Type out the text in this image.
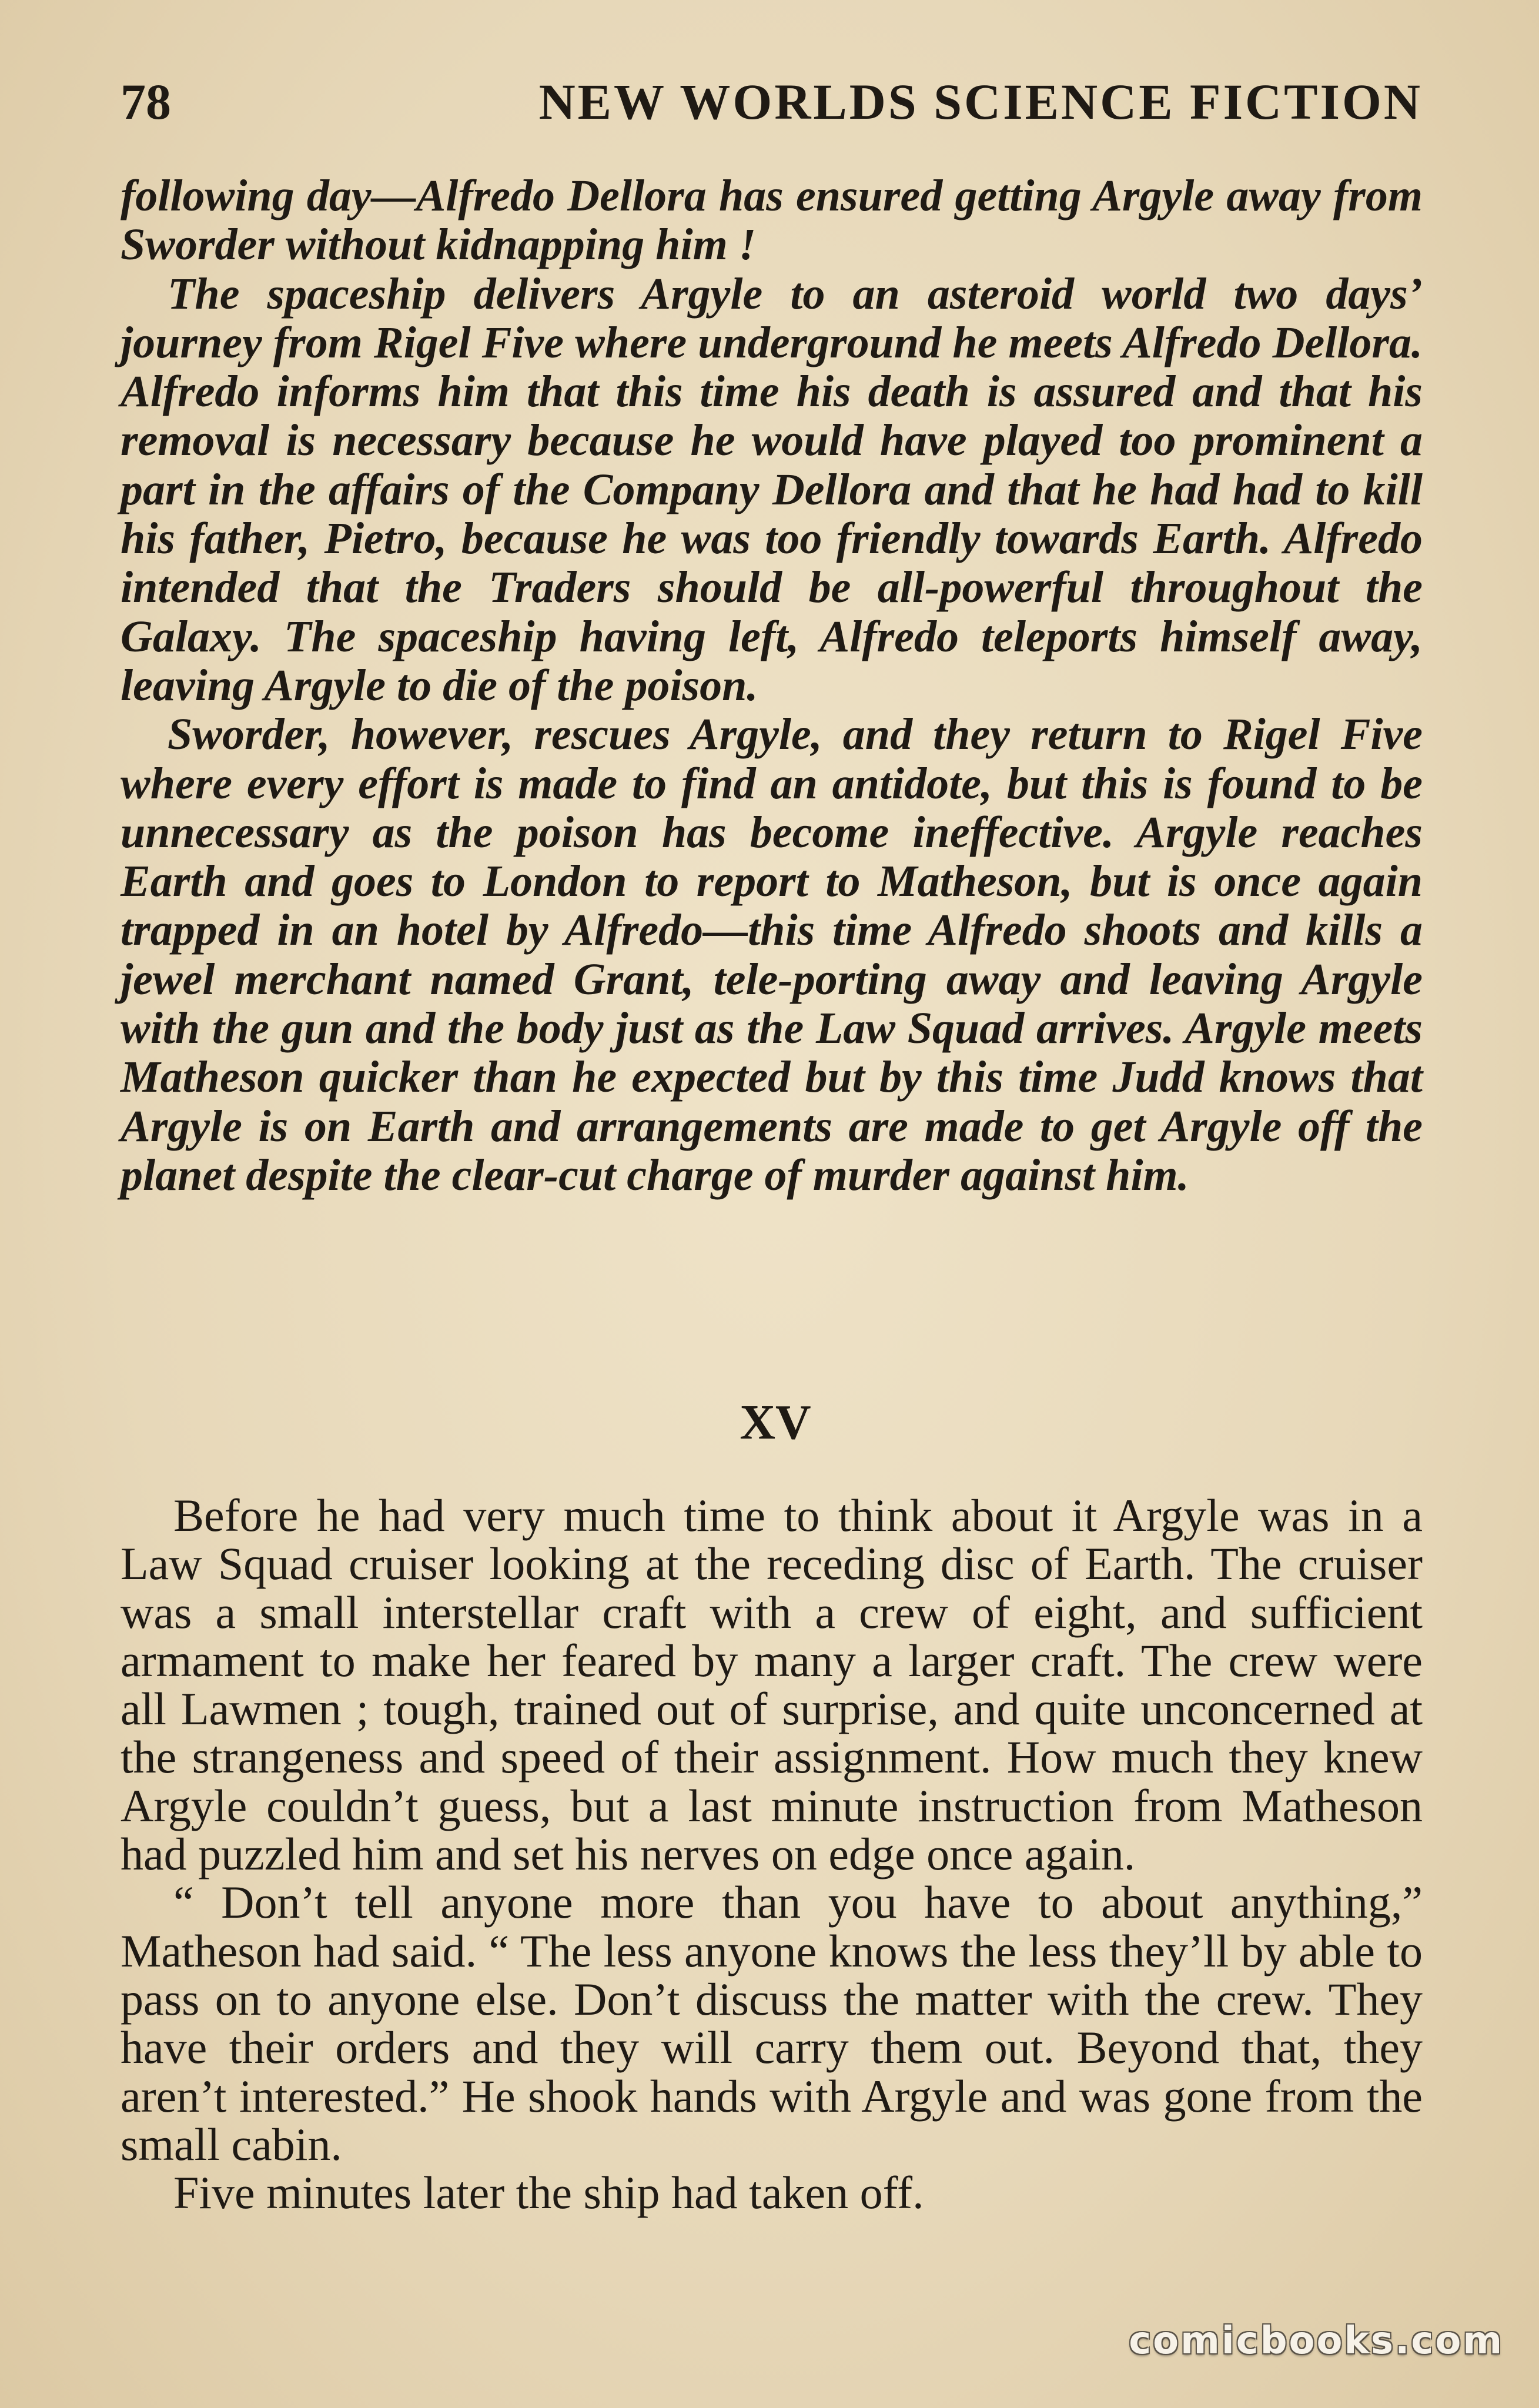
78	NEW WORLDS SCIENCE FICTION

following day—Alfredo Dellora has ensured getting Argyle away from Sworder without kidnapping him !

The spaceship delivers Argyle to an asteroid world two days’ journey from Rigel Five where underground he meets Alfredo Dellora. Alfredo informs him that this time his death is assured and that his removal is necessary because he would have played too prominent a part in the affairs of the Company Dellora and that he had had to kill his father, Pietro, because he was too friendly towards Earth. Alfredo intended that the Traders should be all-powerful throughout the Galaxy. The spaceship having left, Alfredo teleports himself away, leaving Argyle to die of the poison.

Sworder, however, rescues Argyle, and they return to Rigel Five where every effort is made to find an antidote, but this is found to be unnecessary as the poison has become ineffective. Argyle reaches Earth and goes to London to report to Matheson, but is once again trapped in an hotel by Alfredo—this time Alfredo shoots and kills a jewel merchant named Grant, tele-porting away and leaving Argyle with the gun and the body just as the Law Squad arrives. Argyle meets Matheson quicker than he expected but by this time Judd knows that Argyle is on Earth and arrangements are made to get Argyle off the planet despite the clear-cut charge of murder against him.

XV

Before he had very much time to think about it Argyle was in a Law Squad cruiser looking at the receding disc of Earth. The cruiser was a small interstellar craft with a crew of eight, and sufficient armament to make her feared by many a larger craft. The crew were all Lawmen ; tough, trained out of surprise, and quite unconcerned at the strangeness and speed of their assignment. How much they knew Argyle couldn’t guess, but a last minute instruction from Matheson had puzzled him and set his nerves on edge once again.

“ Don’t tell anyone more than you have to about anything,” Matheson had said. “ The less anyone knows the less they’ll by able to pass on to anyone else. Don’t discuss the matter with the crew. They have their orders and they will carry them out. Beyond that, they aren’t interested.” He shook hands with Argyle and was gone from the small cabin.

Five minutes later the ship had taken off.

comicbooks.com
